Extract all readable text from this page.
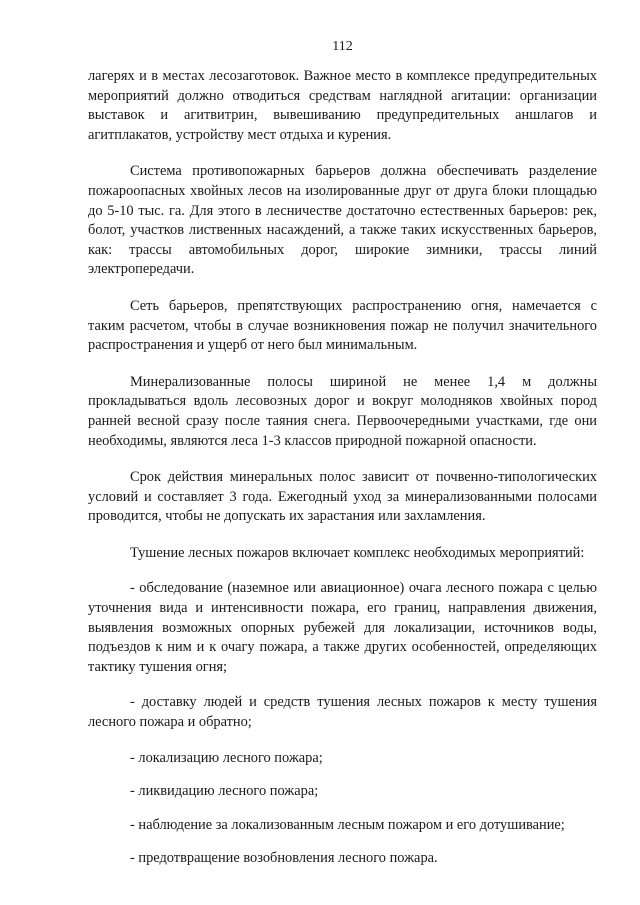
112

лагерях и в местах лесозаготовок. Важное место в комплексе предупредительных мероприятий должно отводиться средствам наглядной агитации: организации выставок и агитвитрин, вывешиванию предупредительных аншлагов и агитплакатов, устройству мест отдыха и курения.

Система противопожарных барьеров должна обеспечивать разделение пожароопасных хвойных лесов на изолированные друг от друга блоки площадью до 5-10 тыс. га. Для этого в лесничестве достаточно естественных барьеров: рек, болот, участков лиственных насаждений, а также таких искусственных барьеров, как: трассы автомобильных дорог, широкие зимники, трассы линий электропередачи.

Сеть барьеров, препятствующих распространению огня, намечается с таким расчетом, чтобы в случае возникновения пожар не получил значительного распространения и ущерб от него был минимальным.

Минерализованные полосы шириной не менее 1,4 м должны прокладываться вдоль лесовозных дорог и вокруг молодняков хвойных пород ранней весной сразу после таяния снега. Первоочередными участками, где они необходимы, являются леса 1-3 классов природной пожарной опасности.

Срок действия минеральных полос зависит от почвенно-типологических условий и составляет 3 года. Ежегодный уход за минерализованными полосами проводится, чтобы не допускать их зарастания или захламления.

Тушение лесных пожаров включает комплекс необходимых мероприятий:

- обследование (наземное или авиационное) очага лесного пожара с целью уточнения вида и интенсивности пожара, его границ, направления движения, выявления возможных опорных рубежей для локализации, источников воды, подъездов к ним и к очагу пожара, а также других особенностей, определяющих тактику тушения огня;

- доставку людей и средств тушения лесных пожаров к месту тушения лесного пожара и обратно;

- локализацию лесного пожара;

- ликвидацию лесного пожара;

- наблюдение за локализованным лесным пожаром и его дотушивание;

- предотвращение возобновления лесного пожара.
